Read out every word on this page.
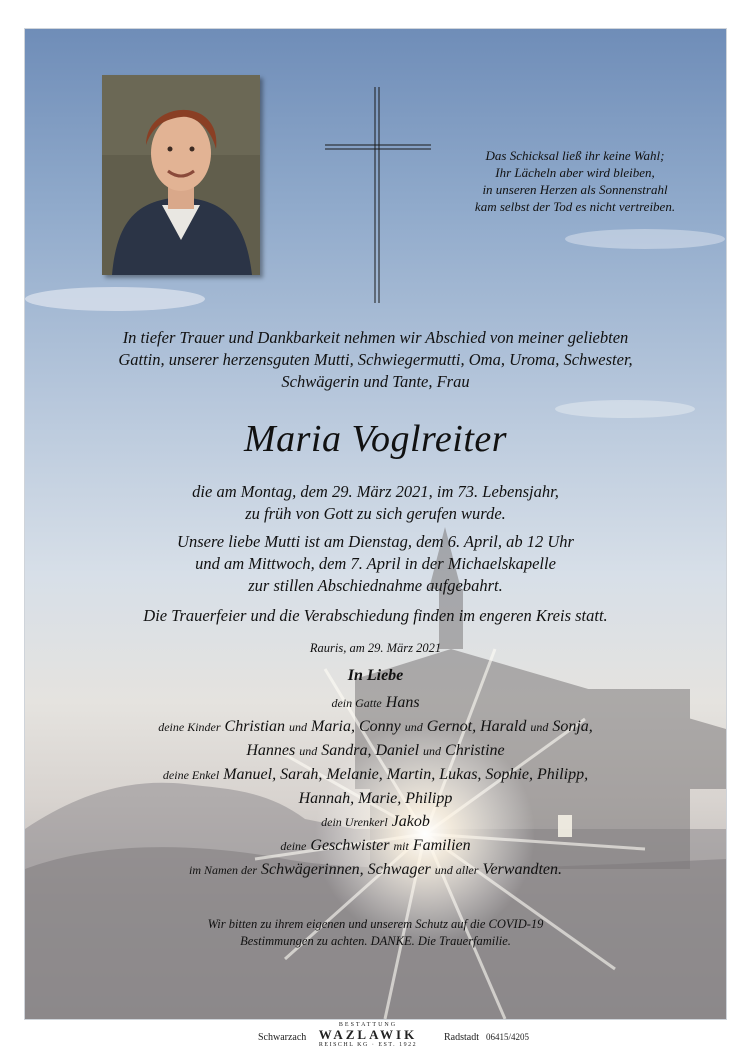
Das Schicksal ließ ihr keine Wahl;
Ihr Lächeln aber wird bleiben,
in unseren Herzen als Sonnenstrahl
kam selbst der Tod es nicht vertreiben.
In tiefer Trauer und Dankbarkeit nehmen wir Abschied von meiner geliebten
Gattin, unserer herzensguten Mutti, Schwiegermutti, Oma, Uroma, Schwester,
Schwägerin und Tante, Frau
Maria Voglreiter
die am Montag, dem 29. März 2021, im 73. Lebensjahr,
zu früh von Gott zu sich gerufen wurde.
Unsere liebe Mutti ist am Dienstag, dem 6. April, ab 12 Uhr
und am Mittwoch, dem 7. April in der Michaelskapelle
zur stillen Abschiednahme aufgebahrt.
Die Trauerfeier und die Verabschiedung finden im engeren Kreis statt.
Rauris, am 29. März 2021
In Liebe
dein Gatte Hans
deine Kinder Christian und Maria, Conny und Gernot, Harald und Sonja,
Hannes und Sandra, Daniel und Christine
deine Enkel Manuel, Sarah, Melanie, Martin, Lukas, Sophie, Philipp,
Hannah, Marie, Philipp
dein Urenkerl Jakob
deine Geschwister mit Familien
im Namen der Schwägerinnen, Schwager und aller Verwandten.
Wir bitten zu ihrem eigenen und unserem Schutz auf die COVID-19
Bestimmungen zu achten. DANKE. Die Trauerfamilie.
Schwarzach
BESTATTUNG
WAZLAWIK
REISCHL KG · EST. 1922
Radstadt 06415/4205
